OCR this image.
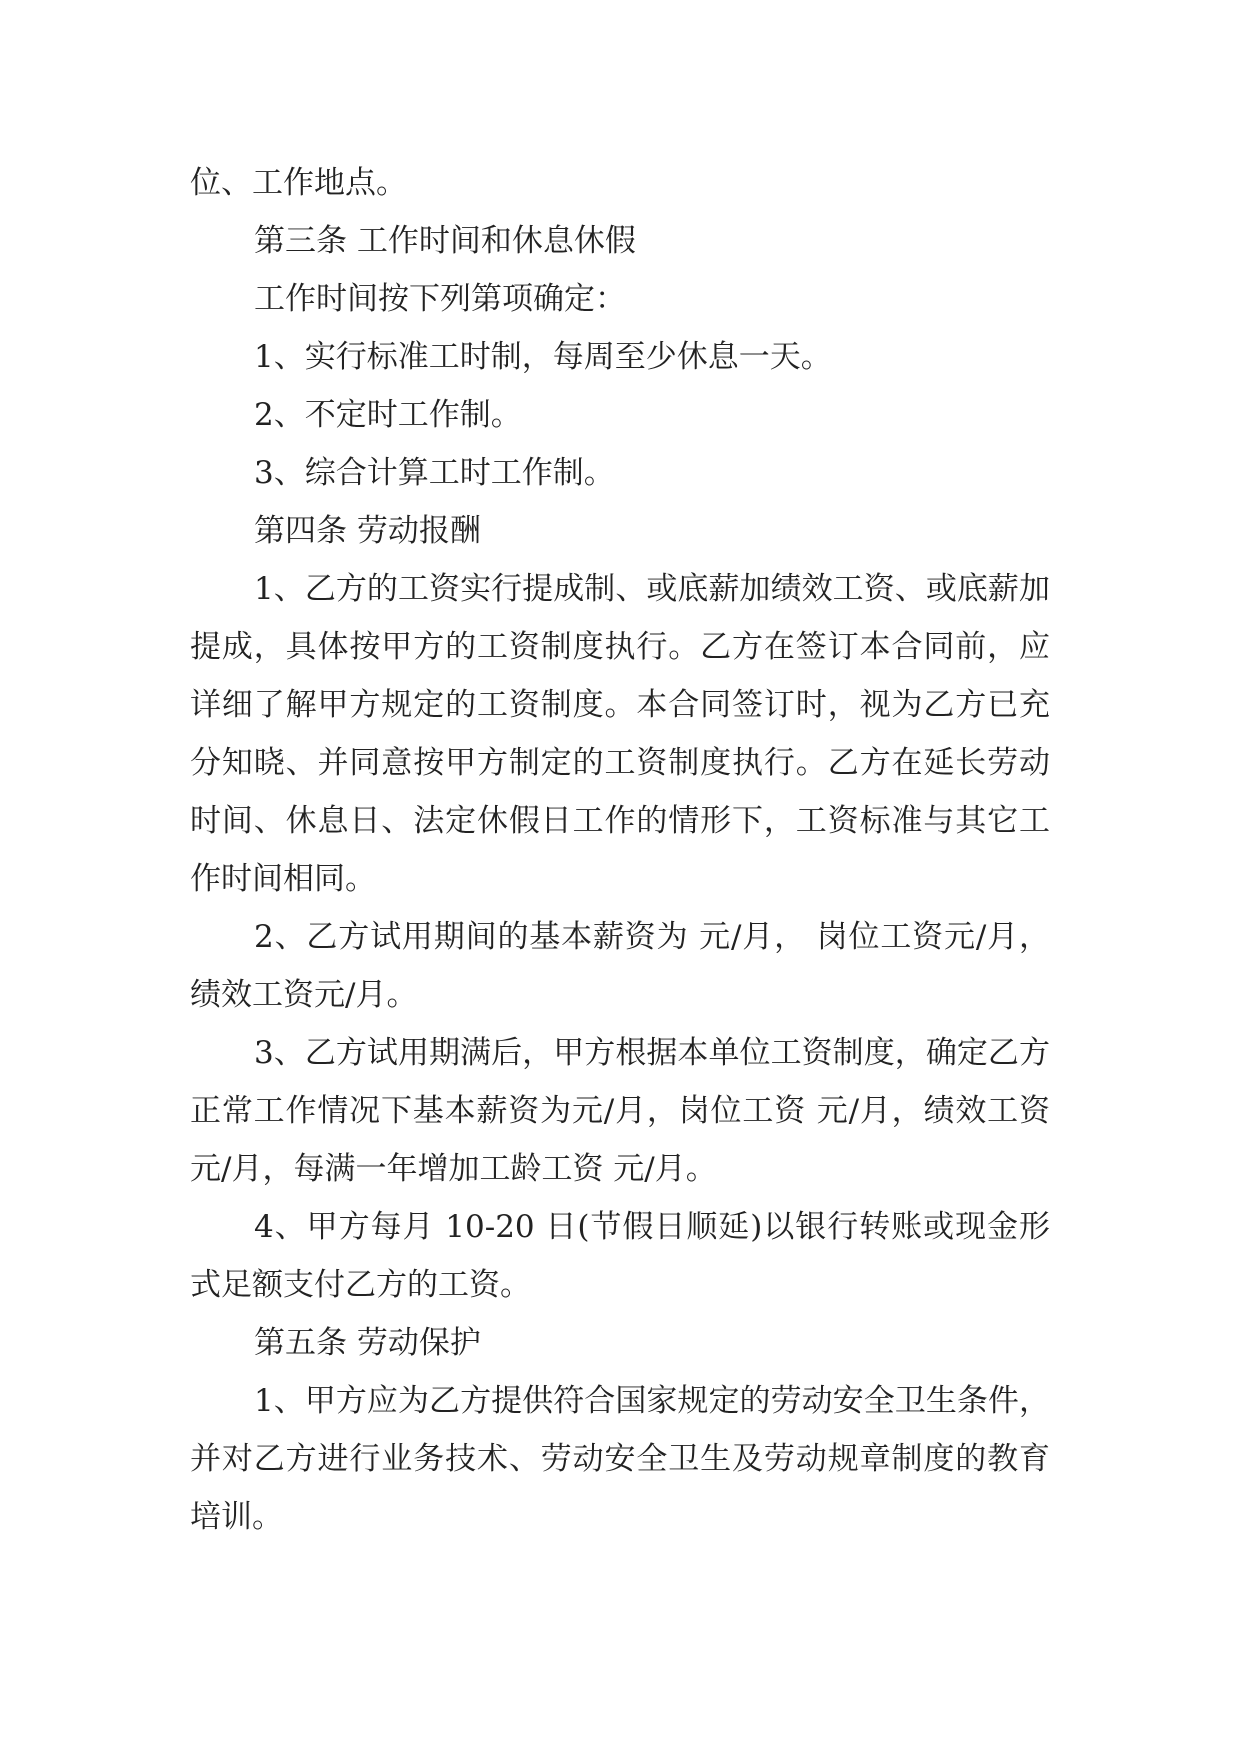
位、工作地点。

第三条 工作时间和休息休假

工作时间按下列第项确定：

1、实行标准工时制，每周至少休息一天。

2、不定时工作制。

3、综合计算工时工作制。

第四条 劳动报酬

1、乙方的工资实行提成制、或底薪加绩效工资、或底薪加提成，具体按甲方的工资制度执行。乙方在签订本合同前，应详细了解甲方规定的工资制度。本合同签订时，视为乙方已充分知晓、并同意按甲方制定的工资制度执行。乙方在延长劳动时间、休息日、法定休假日工作的情形下，工资标准与其它工作时间相同。

2、乙方试用期间的基本薪资为 元/月， 岗位工资元/月，绩效工资元/月。

3、乙方试用期满后，甲方根据本单位工资制度，确定乙方正常工作情况下基本薪资为元/月，岗位工资 元/月，绩效工资 元/月，每满一年增加工龄工资 元/月。

4、甲方每月 10-20 日(节假日顺延)以银行转账或现金形式足额支付乙方的工资。

第五条 劳动保护

1、甲方应为乙方提供符合国家规定的劳动安全卫生条件，并对乙方进行业务技术、劳动安全卫生及劳动规章制度的教育培训。
